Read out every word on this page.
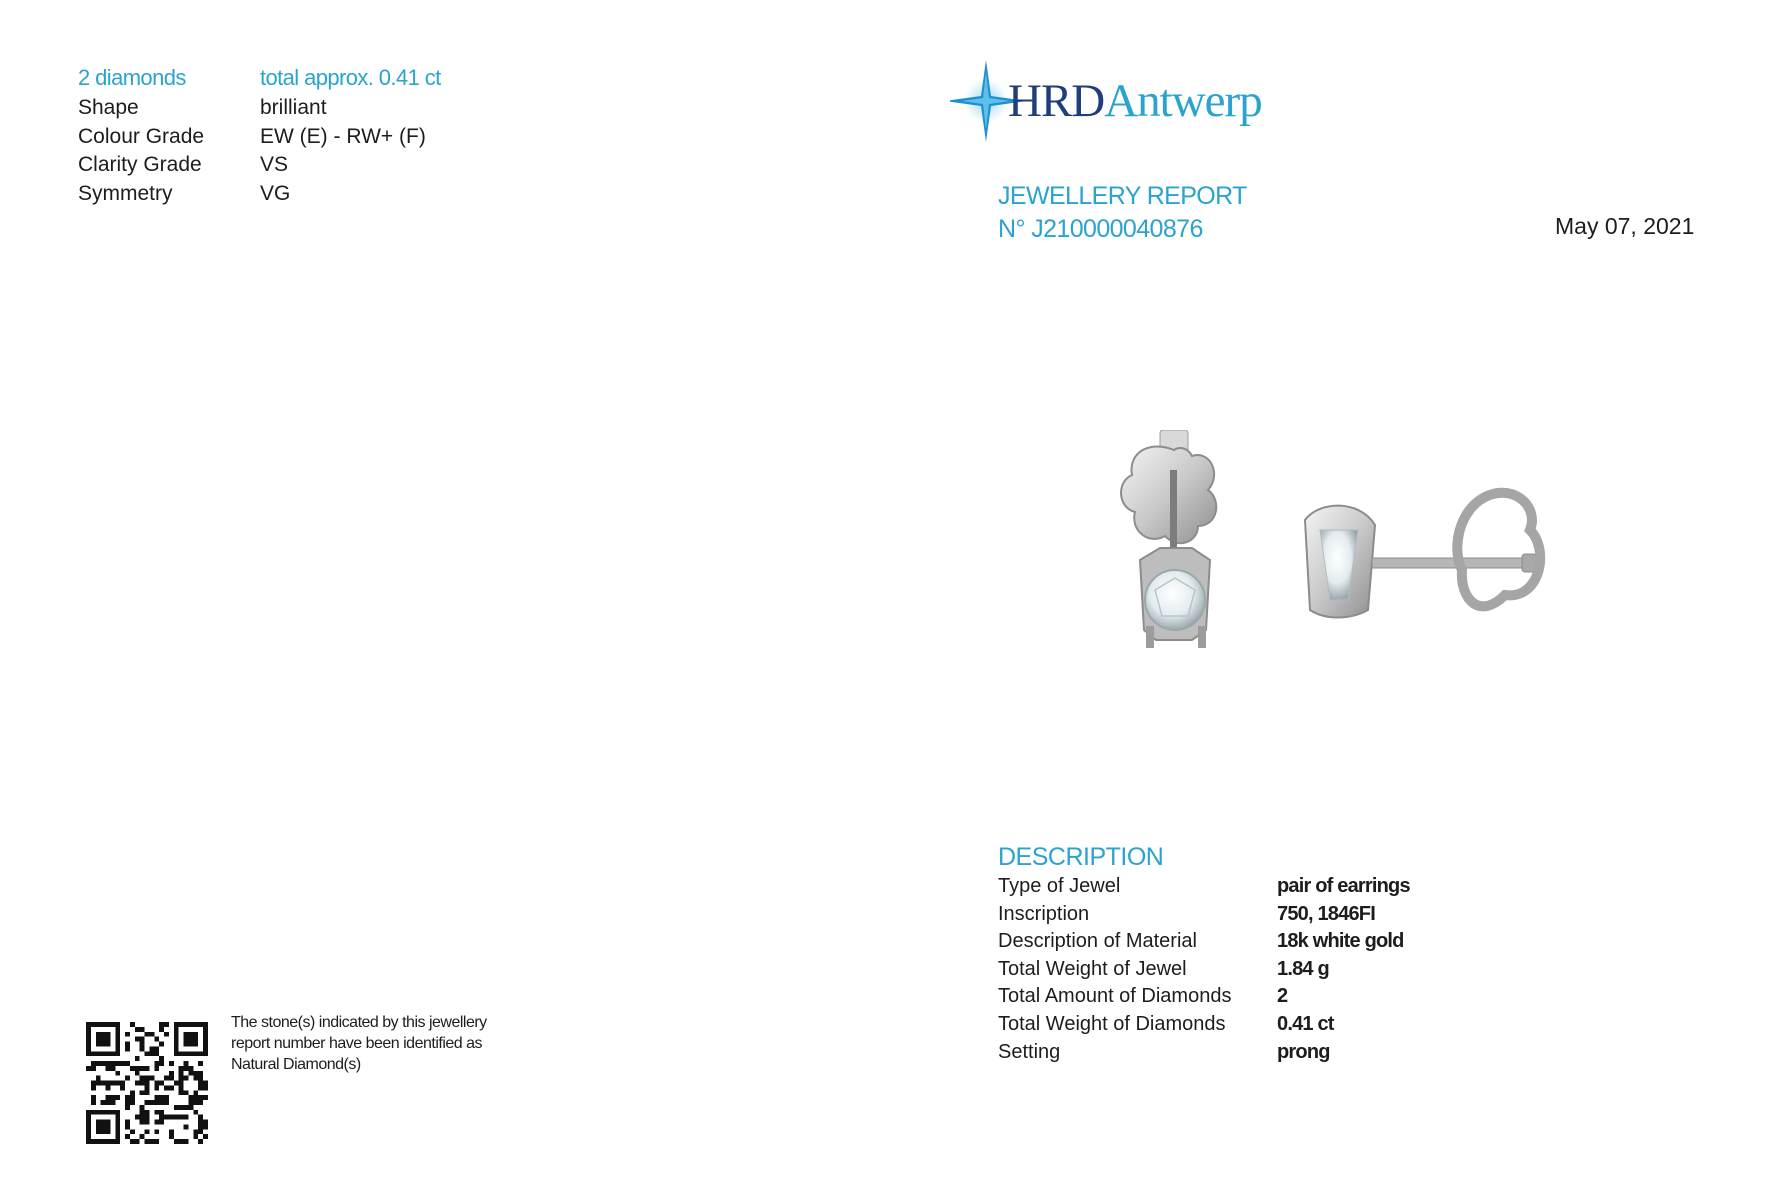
2 diamonds	total approx. 0.41 ct
Shape	brilliant
Colour Grade	EW (E) - RW+ (F)
Clarity Grade	VS
Symmetry	VG
The stone(s) indicated by this jewellery
report number have been identified as
Natural Diamond(s)
HRDAntwerp
JEWELLERY REPORT
N° J210000040876	May 07, 2021
DESCRIPTION
Type of Jewel	pair of earrings
Inscription	750, 1846FI
Description of Material	18k white gold
Total Weight of Jewel	1.84 g
Total Amount of Diamonds	2
Total Weight of Diamonds	0.41 ct
Setting	prong
